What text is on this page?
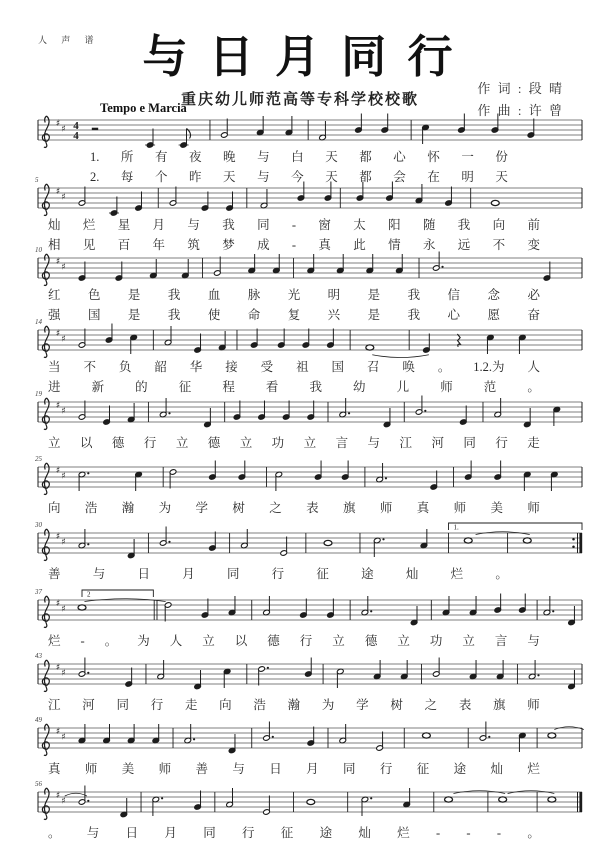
人 声 谱 与 日 月 同 行
重庆幼儿师范高等专科学校校歌
作 词 : 段 晴
作 曲 : 许 曾
Tempo e Marcia
♯
♯ 4
4
1. 所 有 夜 晚 与 白 天 都 心 怀 一 份
2. 每 个 昨 天 与 今 天 都 会 在 明 天
5
♯
♯
灿 烂 星 月 与 我 同 - 窗 太 阳 随 我 向 前
相 见 百 年 筑 梦 成 - 真 此 情 永 远 不 变
10
♯
♯
红 色 是 我 血 脉 光 明 是 我 信 念 必
强 国 是 我 使 命 复 兴 是 我 心 愿 奋
14
♯
♯
当 不 负 韶 华 接 受 祖 国 召 唤 。 1.2.为 人
进 新 的 征 程 看 我 幼 儿 师 范 。
19
♯
♯
立 以 德 行 立 德 立 功 立 言 与 江 河 同 行 走
25
♯
♯
向 浩 瀚 为 学 树 之 表 旗 师 真 师 美 师
30
♯
♯
1.
善	与	日	月	同	行	征	途	灿	烂	。
37
♯
♯
2
烂 - 。 为 人 立 以 德 行 立 德 立 功 立 言 与
43
♯
♯
江 河 同 行 走 向 浩 瀚 为 学 树 之 表 旗 师
49
♯
♯
真 师 美 师 善 与 日 月 同 行 征 途 灿 烂
56
♯
♯
。 与 日 月 同 行 征 途 灿 烂 - - - 。
